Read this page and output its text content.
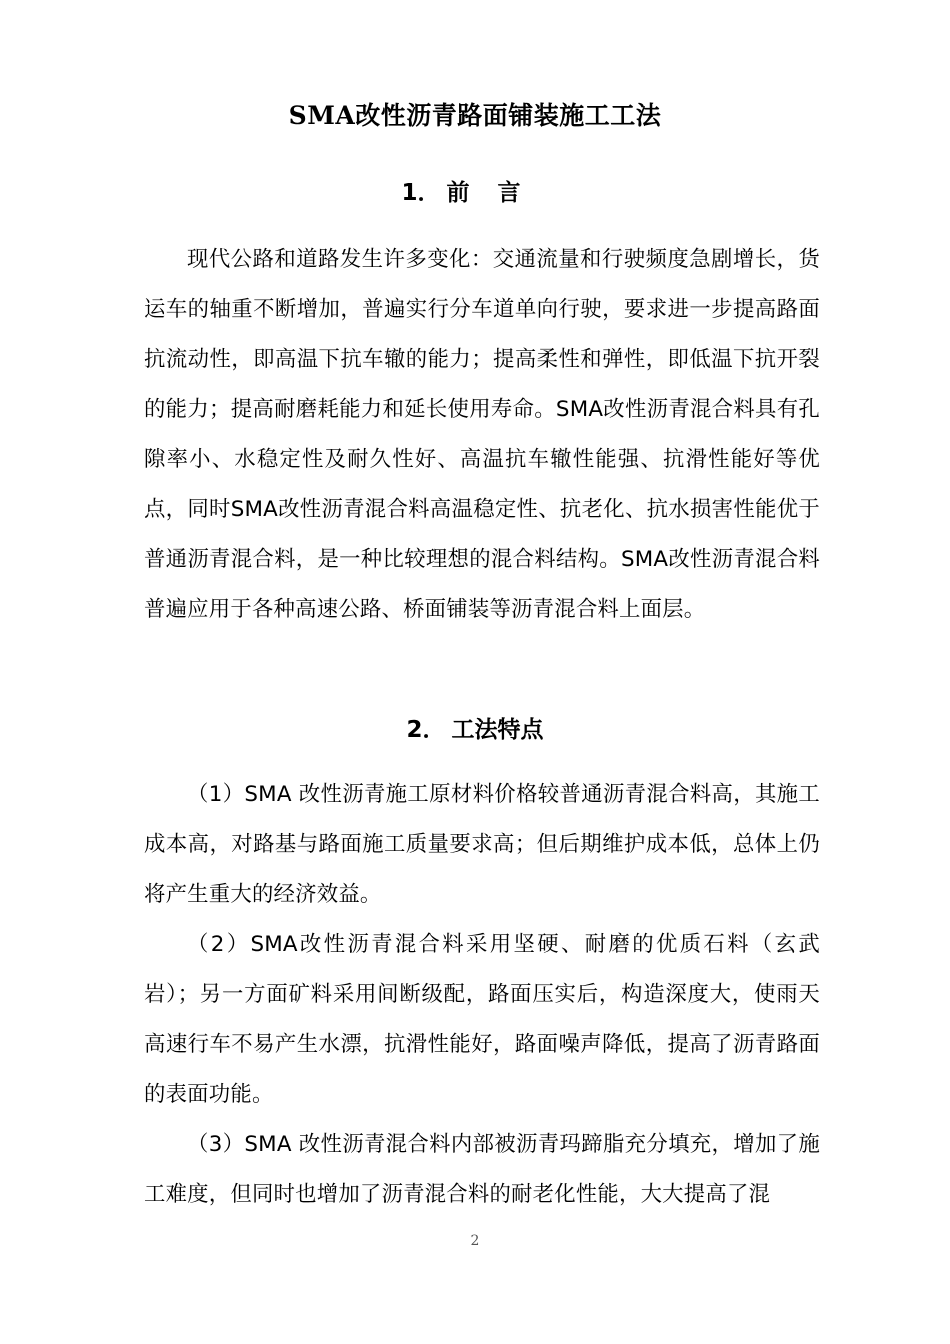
SMA改性沥青路面铺装施工工法
1． 前言

现代公路和道路发生许多变化：交通流量和行驶频度急剧增长，货运车的轴重不断增加，普遍实行分车道单向行驶，要求进一步提高路面抗流动性，即高温下抗车辙的能力；提高柔性和弹性，即低温下抗开裂的能力；提高耐磨耗能力和延长使用寿命。SMA改性沥青混合料具有孔隙率小、水稳定性及耐久性好、高温抗车辙性能强、抗滑性能好等优点，同时SMA改性沥青混合料高温稳定性、抗老化、抗水损害性能优于普通沥青混合料，是一种比较理想的混合料结构。SMA改性沥青混合料普遍应用于各种高速公路、桥面铺装等沥青混合料上面层。

2． 工法特点

（1）SMA 改性沥青施工原材料价格较普通沥青混合料高，其施工成本高，对路基与路面施工质量要求高；但后期维护成本低，总体上仍将产生重大的经济效益。

（2）SMA改性沥青混合料采用坚硬、耐磨的优质石料（玄武岩）；另一方面矿料采用间断级配，路面压实后，构造深度大，使雨天高速行车不易产生水漂，抗滑性能好，路面噪声降低，提高了沥青路面的表面功能。

（3）SMA 改性沥青混合料内部被沥青玛蹄脂充分填充，增加了施工难度，但同时也增加了沥青混合料的耐老化性能，大大提高了混

2
